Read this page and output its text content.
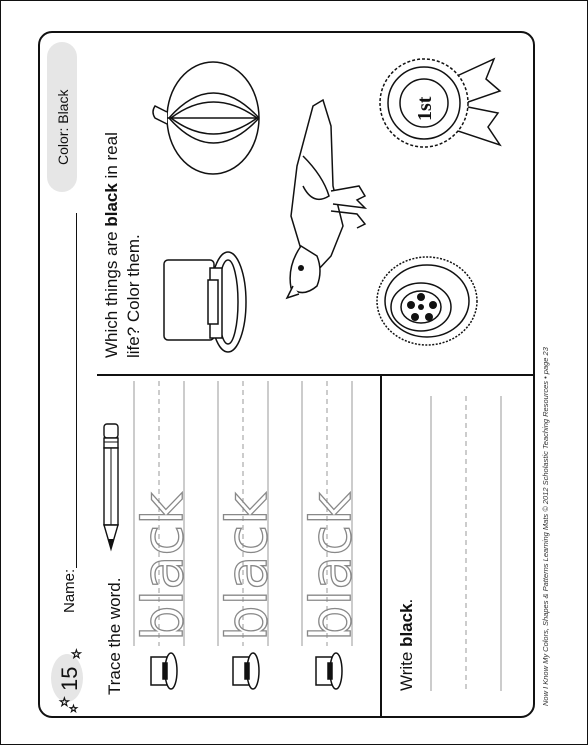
Now I Know My Colors, Shapes & Patterns Learning Mats © 2012 Scholastic Teaching Resources • page 23
Color: Black
☆
☆
☆
15
Name: Trace the word. black black black
Write black.
Which things are black in real
life? Color them.
1st
